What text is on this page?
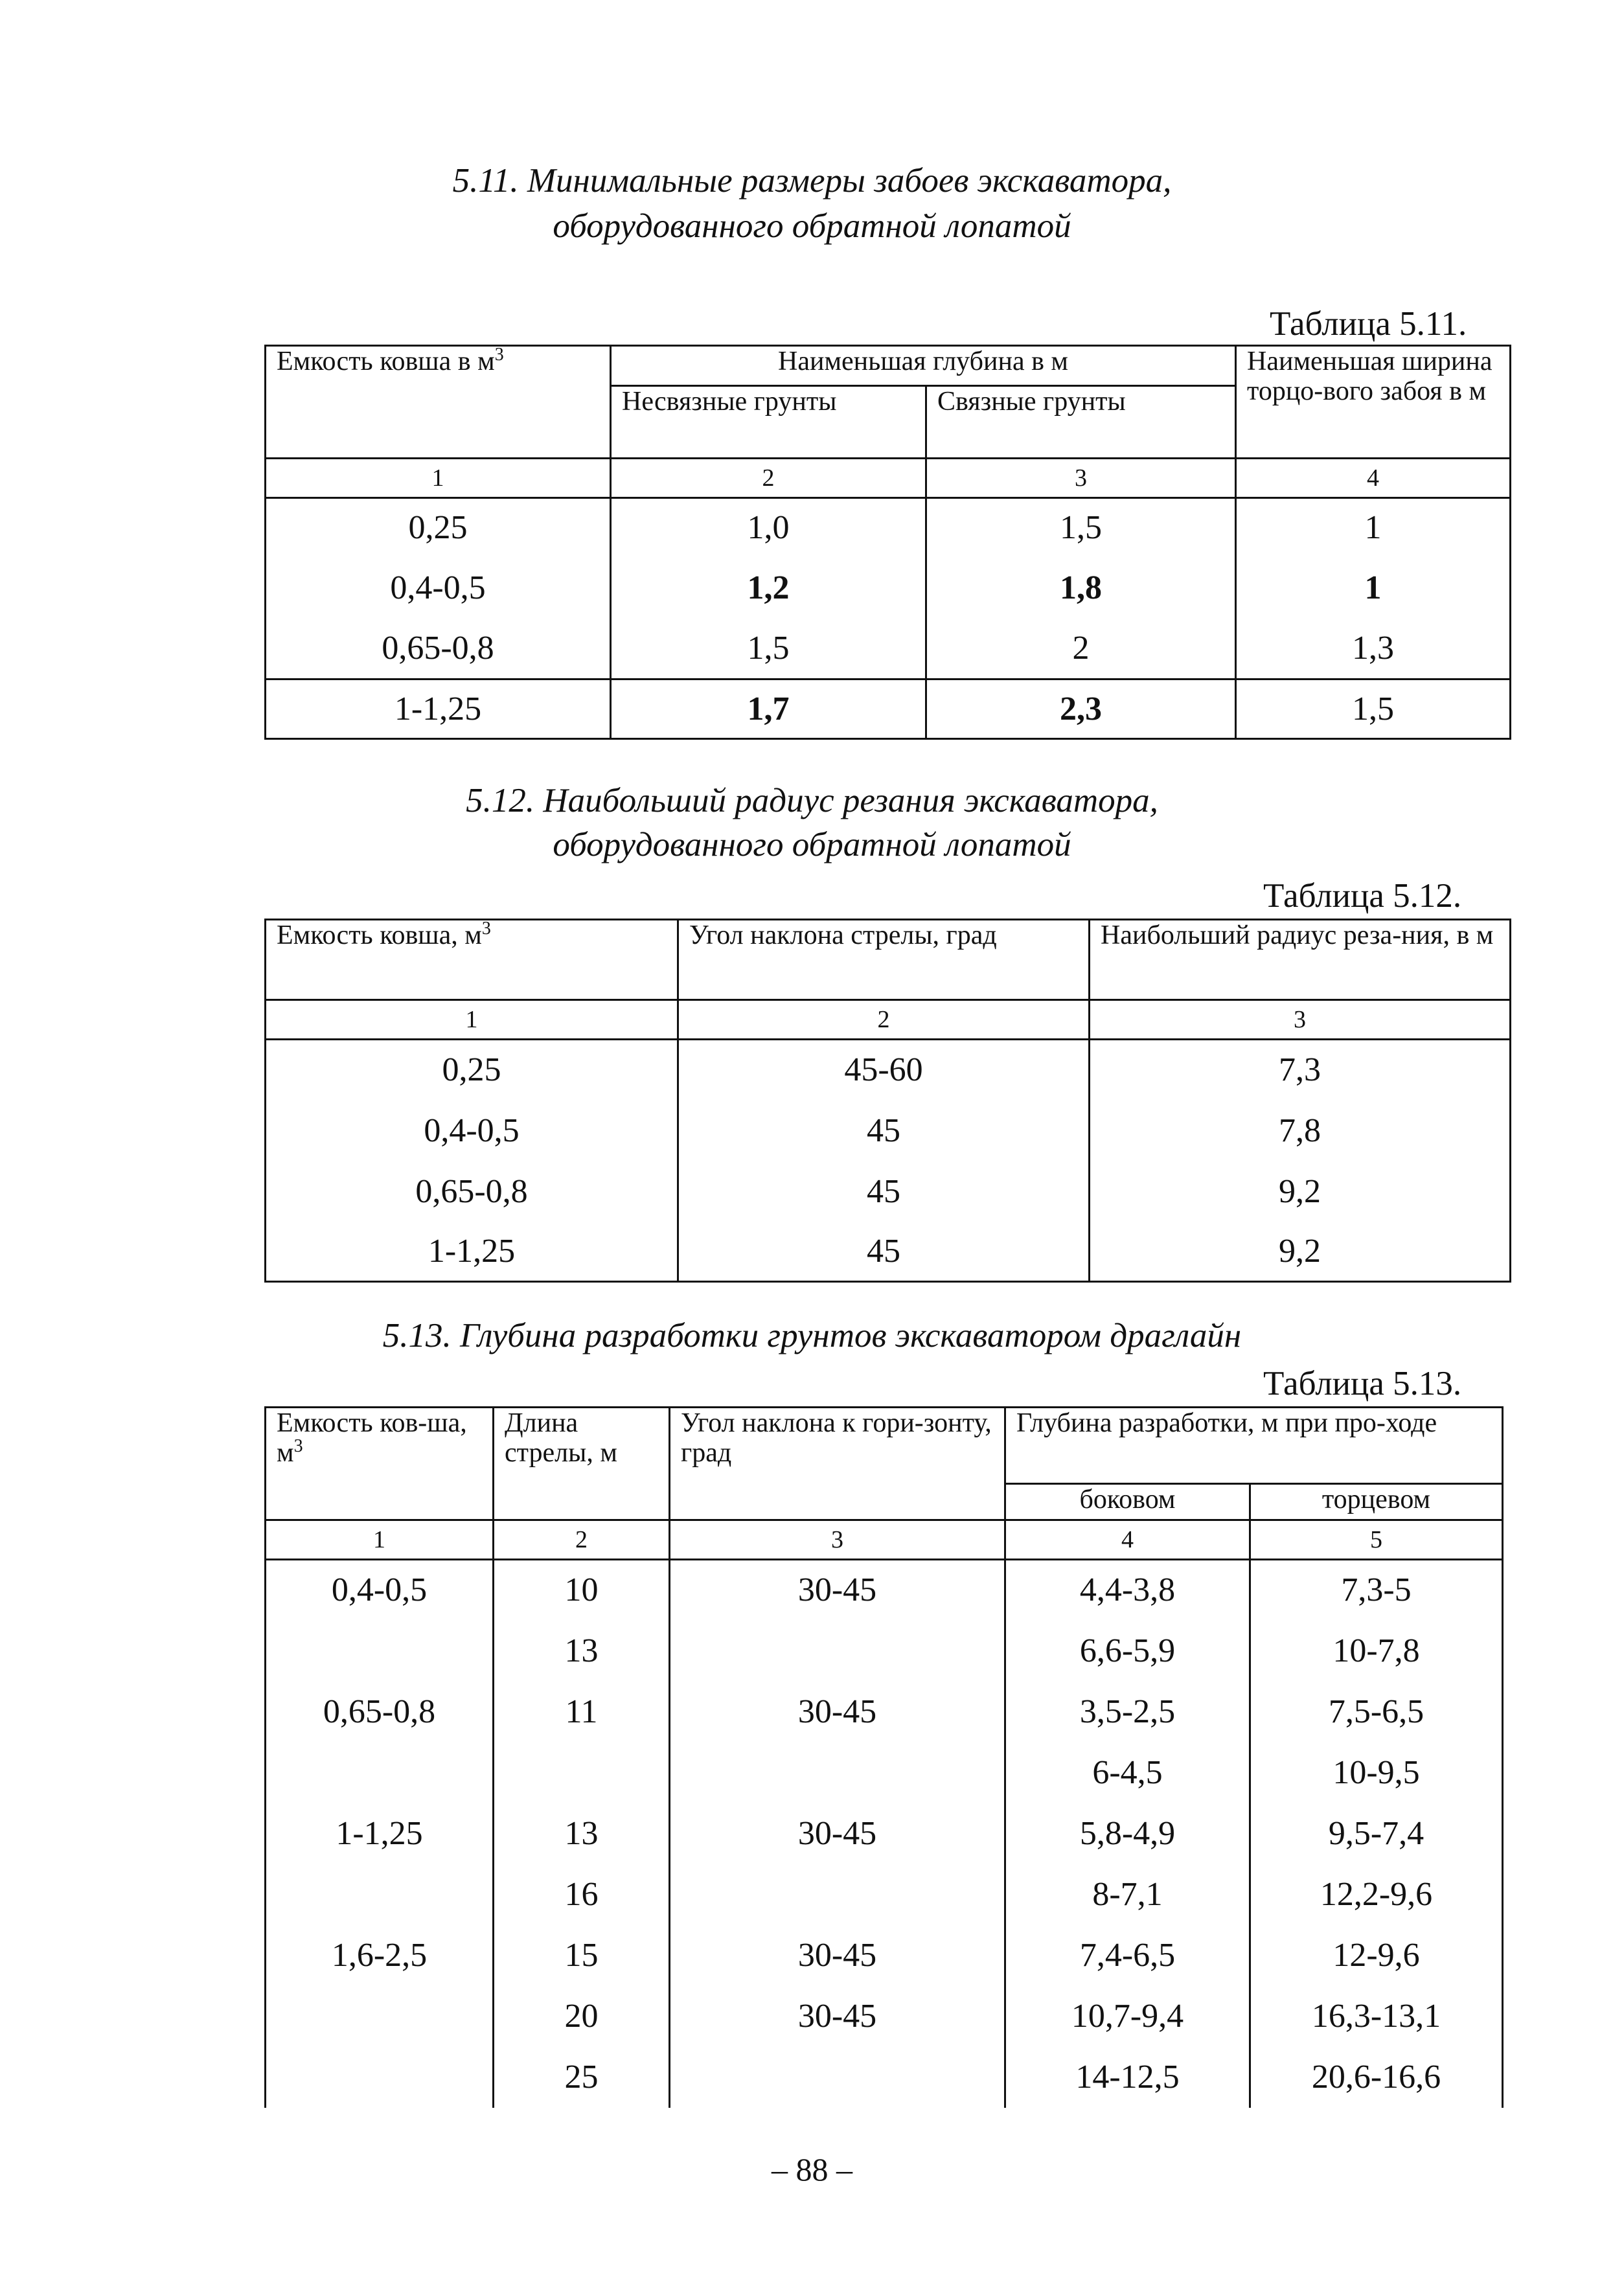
5.11. Минимальные размеры забоев экскаватора,
оборудованного обратной лопатой
Таблица 5.11.
Емкость ковша в $м^3$	Наименьшая глубина в м		Наименьшая ширина торцо-вого забоя в м
	Несвязные грунты	Связные грунты	
1	2	3	4
0,25	1,0	1,5	1
0,4-0,5	1,2	1,8	1
0,65-0,8	1,5	2	1,3
1-1,25	1,7	2,3	1,5
5.12. Наибольший радиус резания экскаватора,
оборудованного обратной лопатой
Таблица 5.12.
Емкость ковша, $м^3$	Угол наклона стрелы, град	Наибольший радиус реза-ния, в м
1	2	3
0,25	45-60	7,3
0,4-0,5	45	7,8
0,65-0,8	45	9,2
1-1,25	45	9,2
5.13. Глубина разработки грунтов экскаватором драглайн
Таблица 5.13.
Емкость ков-ша, $м^3$	Длина стрелы, м	Угол наклона к гори-зонту, град	Глубина разработки, м при про-ходе	
			боковом	торцевом
1	2	3	4	5
0,4-0,5	10	30-45	4,4-3,8	7,3-5
	13		6,6-5,9	10-7,8
0,65-0,8	11	30-45	3,5-2,5	7,5-6,5
			6-4,5	10-9,5
1-1,25	13	30-45	5,8-4,9	9,5-7,4
	16		8-7,1	12,2-9,6
1,6-2,5	15	30-45	7,4-6,5	12-9,6
	20	30-45	10,7-9,4	16,3-13,1
	25		14-12,5	20,6-16,6
– 88 –
